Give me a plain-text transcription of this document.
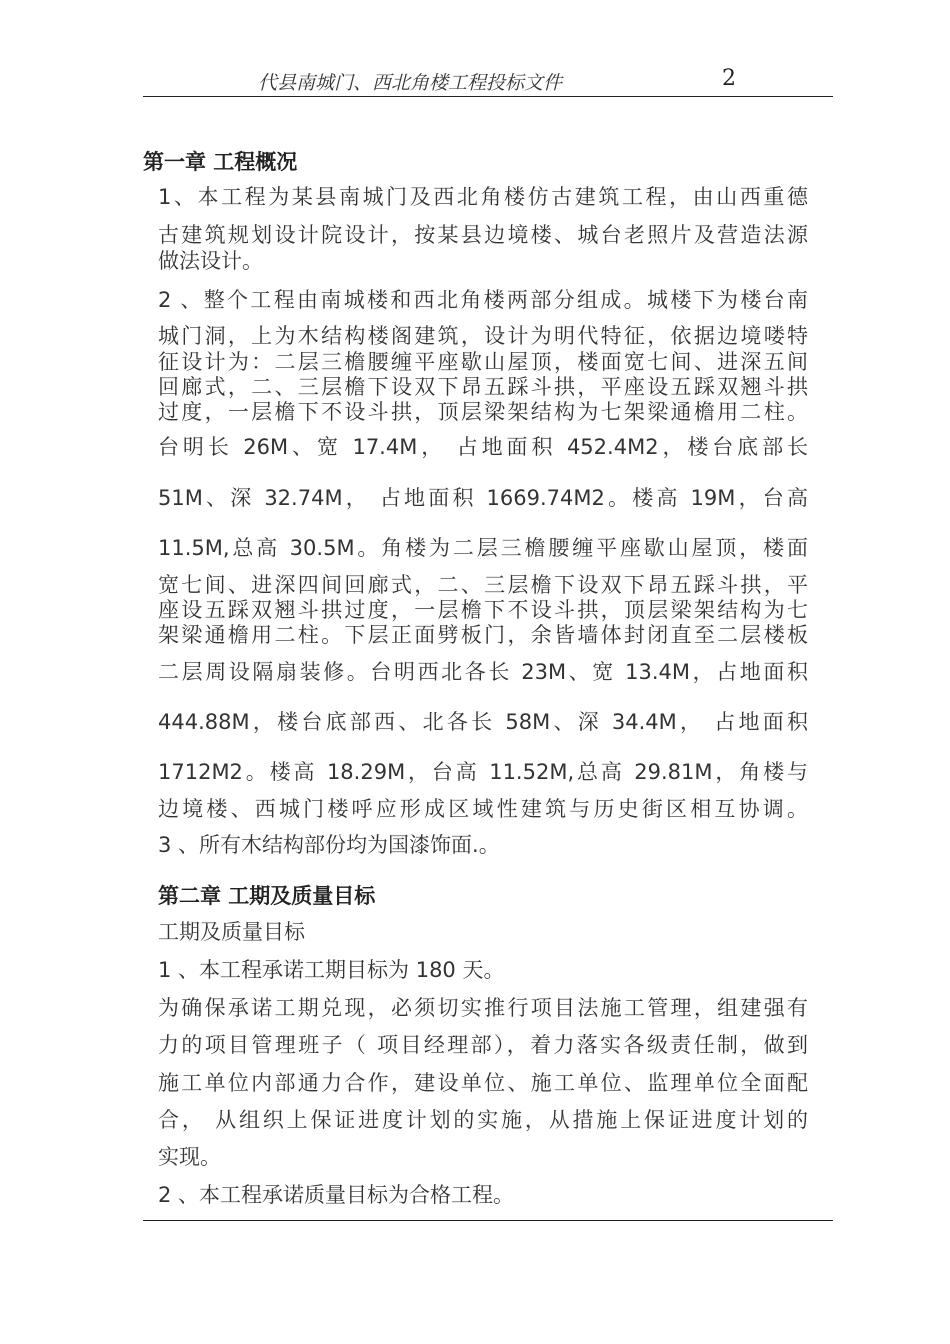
代县南城门、西北角楼工程投标文件	2
第一章 工程概况
1、本工程为某县南城门及西北角楼仿古建筑工程，由山西重德
古建筑规划设计院设计，按某县边境楼、城台老照片及营造法源
做法设计。
2 、整个工程由南城楼和西北角楼两部分组成。城楼下为楼台南
城门洞，上为木结构楼阁建筑，设计为明代特征，依据边境喽特
征设计为：二层三檐腰缠平座歇山屋顶，楼面宽七间、进深五间
回廊式，二、三层檐下设双下昂五踩斗拱，平座设五踩双翘斗拱
过度，一层檐下不设斗拱，顶层梁架结构为七架梁通檐用二柱。
台明长 26M、宽 17.4M， 占地面积 452.4M2，楼台底部长
51M、深 32.74M， 占地面积 1669.74M2。楼高 19M，台高
11.5M,总高 30.5M。角楼为二层三檐腰缠平座歇山屋顶，楼面
宽七间、进深四间回廊式，二、三层檐下设双下昂五踩斗拱，平
座设五踩双翘斗拱过度，一层檐下不设斗拱，顶层梁架结构为七
架梁通檐用二柱。下层正面劈板门，余皆墙体封闭直至二层楼板
二层周设隔扇装修。台明西北各长 23M、宽 13.4M，占地面积
444.88M，楼台底部西、北各长 58M、深 34.4M， 占地面积
1712M2。楼高 18.29M，台高 11.52M,总高 29.81M，角楼与
边境楼、西城门楼呼应形成区域性建筑与历史街区相互协调。
3 、所有木结构部份均为国漆饰面.。
第二章 工期及质量目标
工期及质量目标
1 、本工程承诺工期目标为 180 天。
为确保承诺工期兑现，必须切实推行项目法施工管理，组建强有
力的项目管理班子（ 项目经理部），着力落实各级责任制，做到
施工单位内部通力合作，建设单位、施工单位、监理单位全面配
合， 从组织上保证进度计划的实施，从措施上保证进度计划的
实现。
2 、本工程承诺质量目标为合格工程。
